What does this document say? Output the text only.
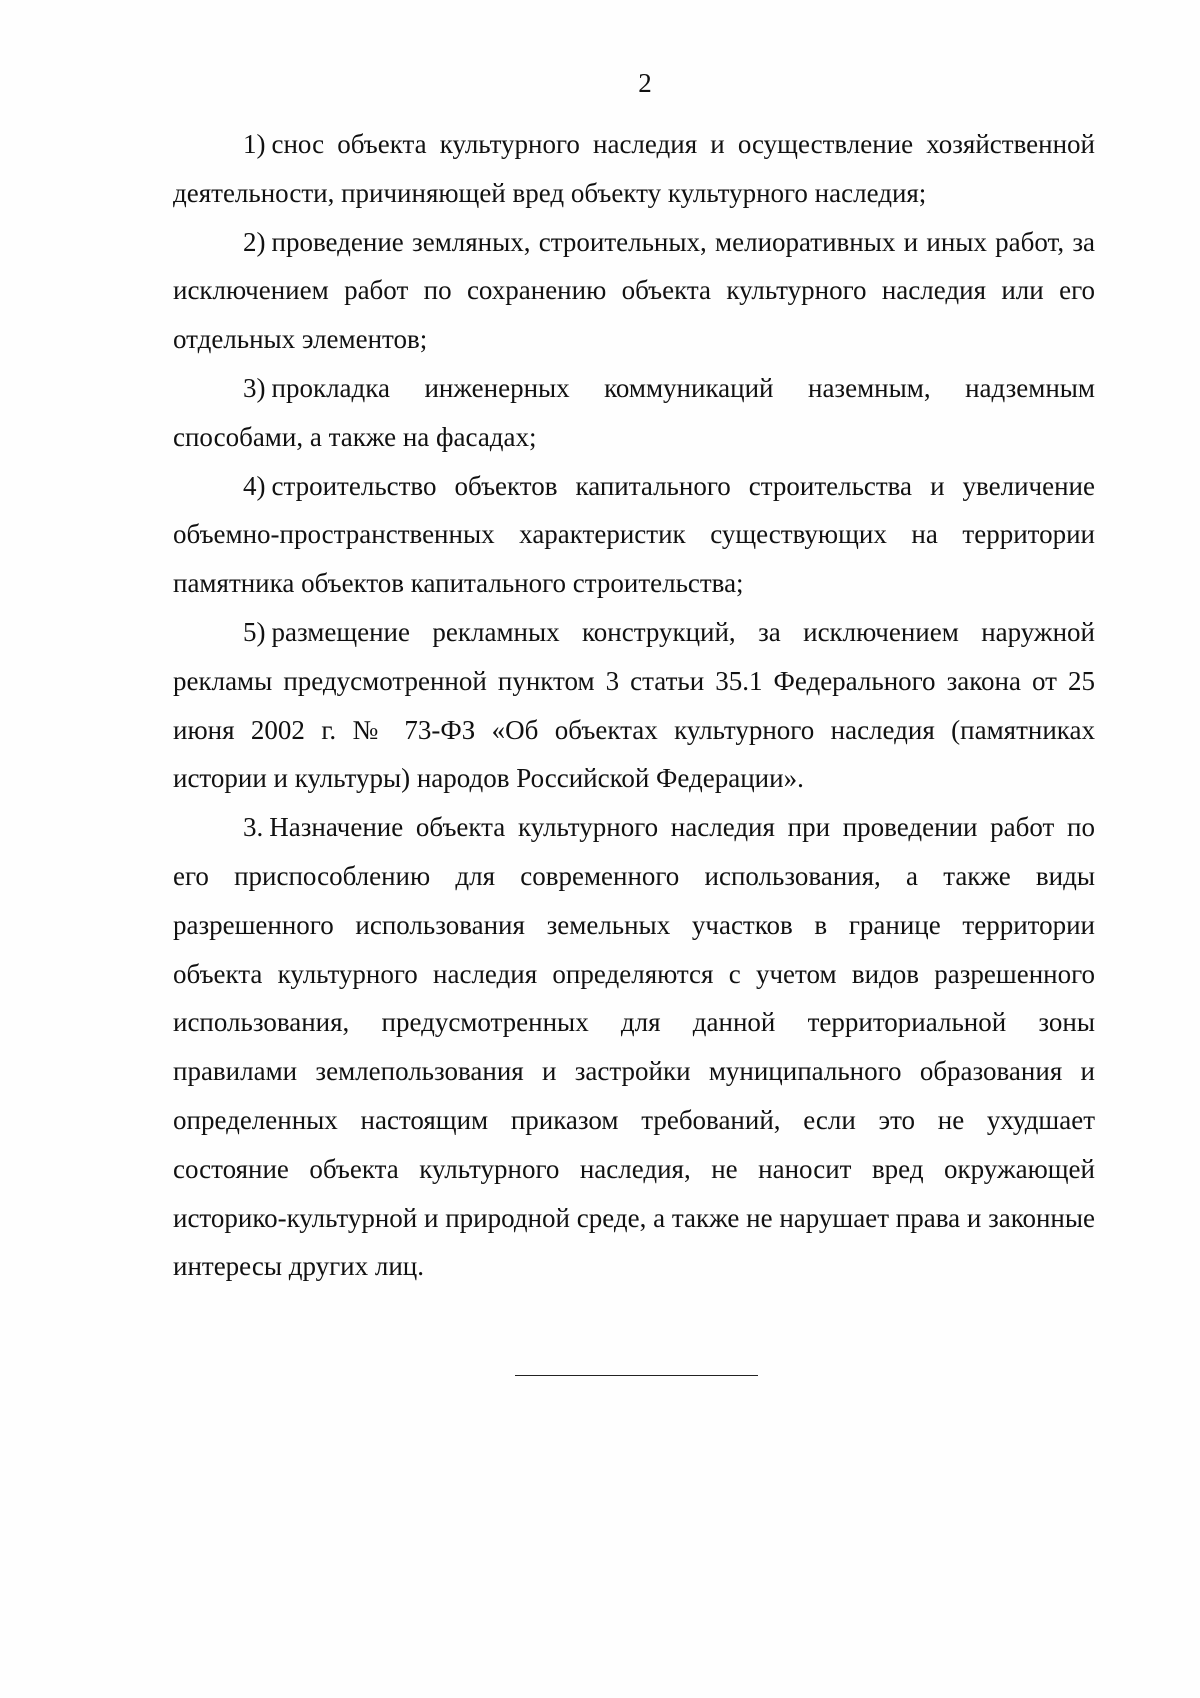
2

1) снос объекта культурного наследия и осуществление хозяйственной деятельности, причиняющей вред объекту культурного наследия;

2) проведение земляных, строительных, мелиоративных и иных работ, за исключением работ по сохранению объекта культурного наследия или его отдельных элементов;

3) прокладка инженерных коммуникаций наземным, надземным способами, а также на фасадах;

4) строительство объектов капитального строительства и увеличение объемно-пространственных характеристик существующих на территории памятника объектов капитального строительства;

5) размещение рекламных конструкций, за исключением наружной рекламы предусмотренной пунктом 3 статьи 35.1 Федерального закона от 25 июня 2002 г. № 73-ФЗ «Об объектах культурного наследия (памятниках истории и культуры) народов Российской Федерации».

3. Назначение объекта культурного наследия при проведении работ по его приспособлению для современного использования, а также виды разрешенного использования земельных участков в границе территории объекта культурного наследия определяются с учетом видов разрешенного использования, предусмотренных для данной территориальной зоны правилами землепользования и застройки муниципального образования и определенных настоящим приказом требований, если это не ухудшает состояние объекта культурного наследия, не наносит вред окружающей историко-культурной и природной среде, а также не нарушает права и законные интересы других лиц.
